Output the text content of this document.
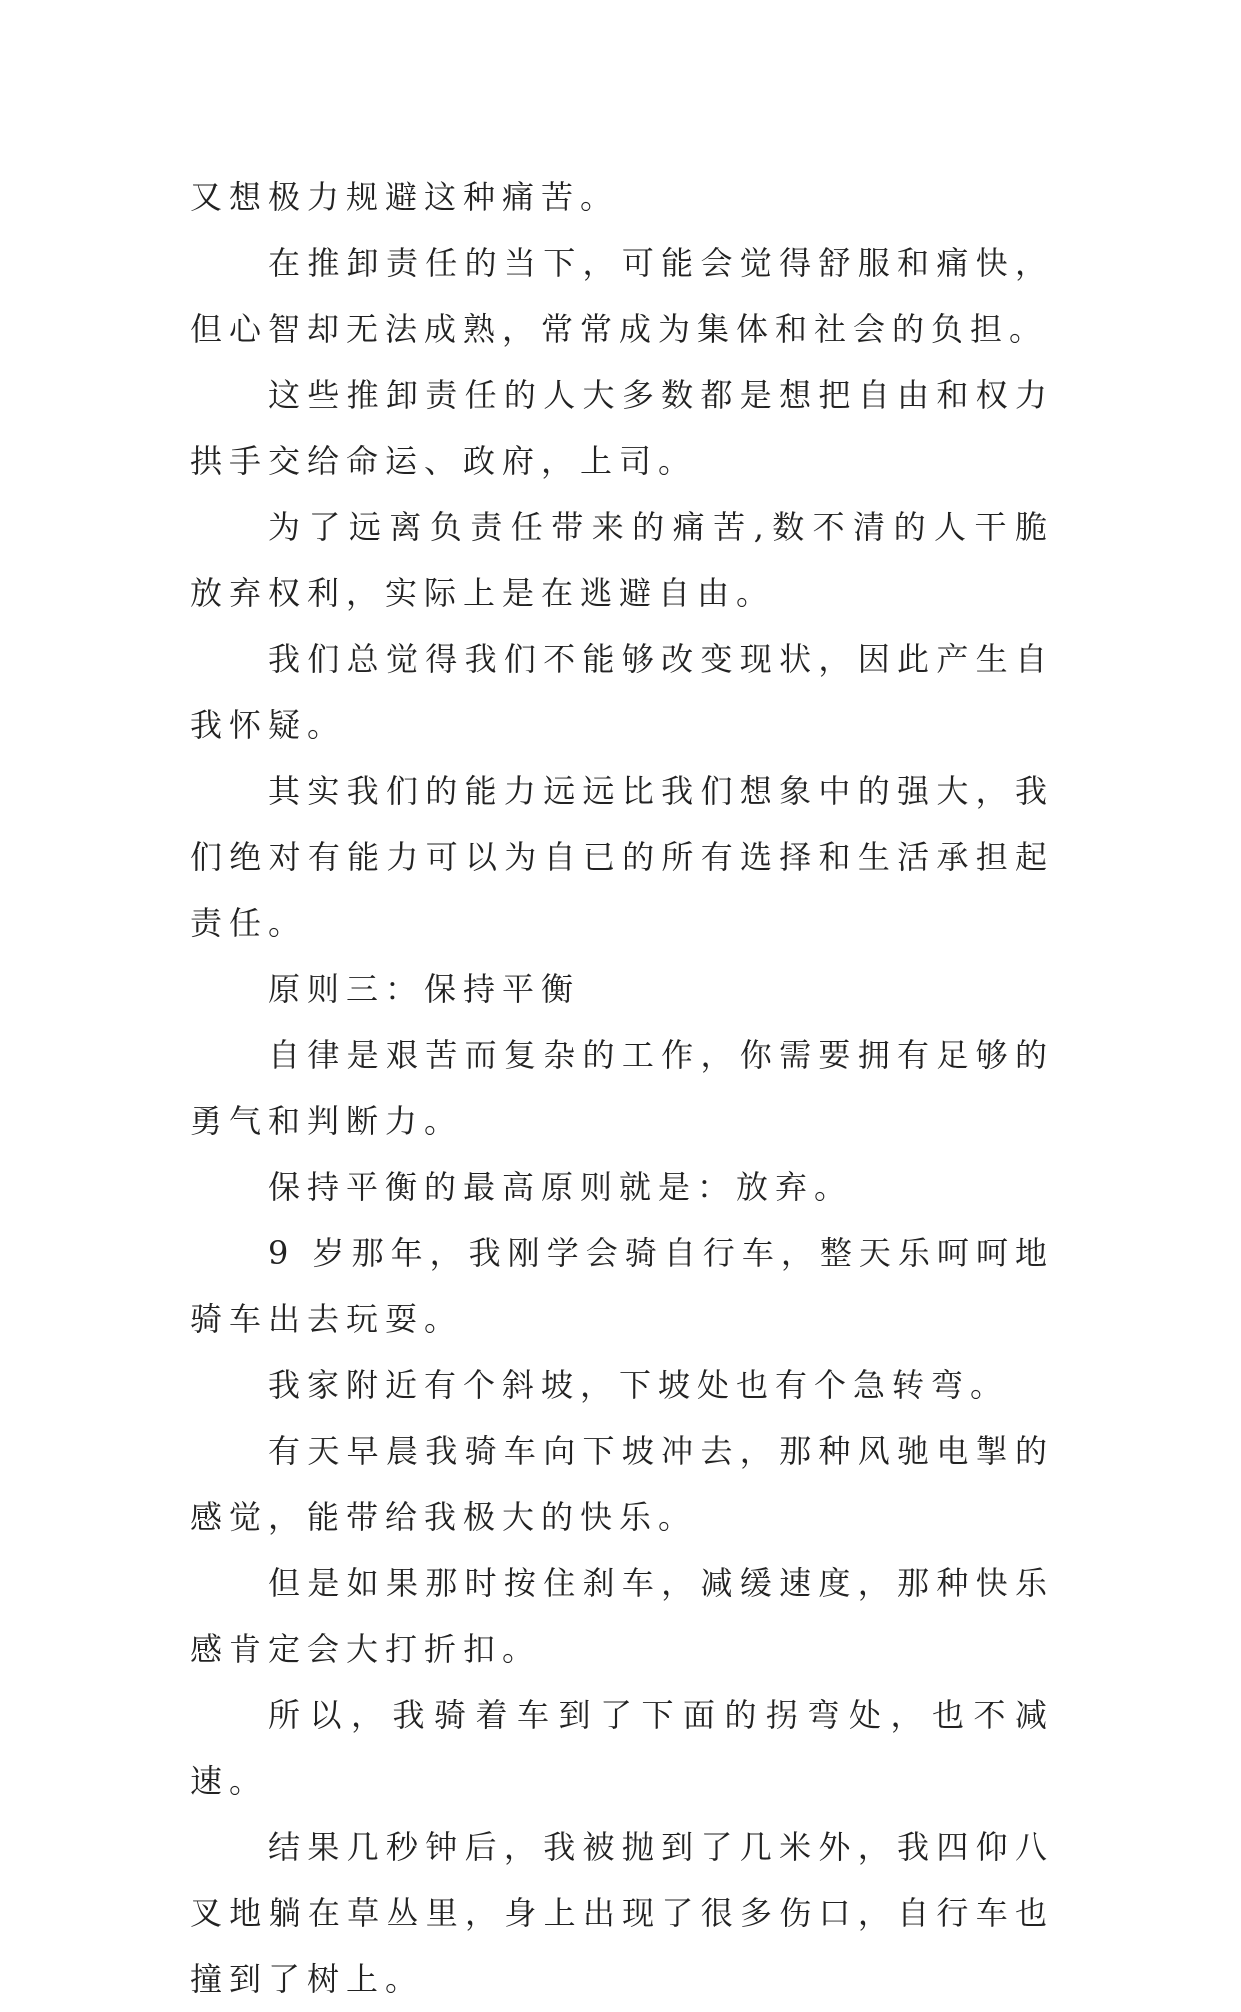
又想极力规避这种痛苦。

在推卸责任的当下，可能会觉得舒服和痛快，但心智却无法成熟，常常成为集体和社会的负担。

这些推卸责任的人大多数都是想把自由和权力拱手交给命运、政府，上司。

为了远离负责任带来的痛苦,数不清的人干脆放弃权利，实际上是在逃避自由。

我们总觉得我们不能够改变现状，因此产生自我怀疑。

其实我们的能力远远比我们想象中的强大，我们绝对有能力可以为自已的所有选择和生活承担起责任。

原则三：保持平衡

自律是艰苦而复杂的工作，你需要拥有足够的勇气和判断力。

保持平衡的最高原则就是：放弃。

9 岁那年，我刚学会骑自行车，整天乐呵呵地骑车出去玩耍。

我家附近有个斜坡，下坡处也有个急转弯。

有天早晨我骑车向下坡冲去，那种风驰电掣的感觉，能带给我极大的快乐。

但是如果那时按住刹车，减缓速度，那种快乐感肯定会大打折扣。

所以，我骑着车到了下面的拐弯处，也不减速。

结果几秒钟后，我被抛到了几米外，我四仰八叉地躺在草丛里，身上出现了很多伤口，自行车也撞到了树上。
